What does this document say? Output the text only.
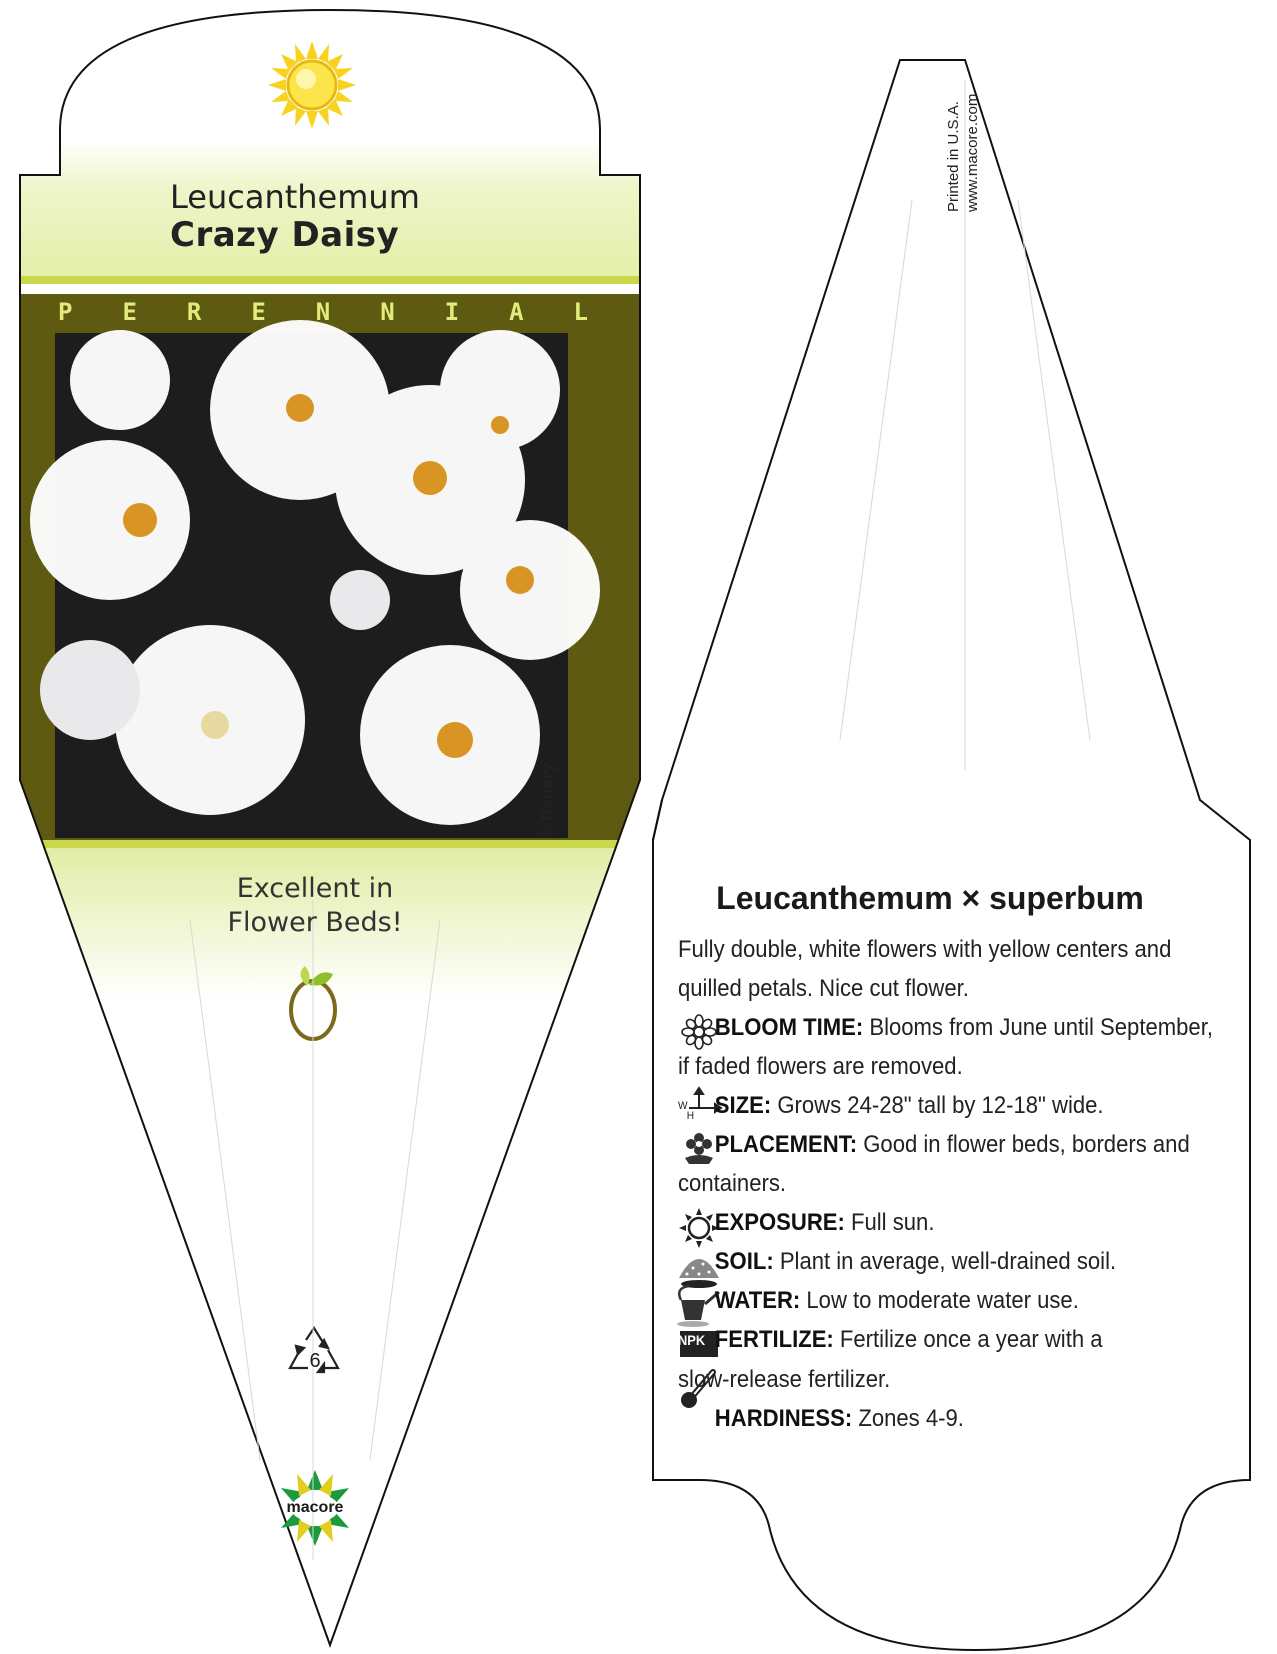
Leucanthemum
Crazy Daisy
P E R E N N I A L
© Benary
Excellent in
Flower Beds!
6
macore
Printed in U.S.A. www.macore.com
Leucanthemum × superbum

Fully double, white flowers with yellow centers and

quilled petals. Nice cut flower.

BLOOM TIME: Blooms from June until September,

if faded flowers are removed.

W H SIZE: Grows 24-28" tall by 12-18" wide.

PLACEMENT: Good in flower beds, borders and

containers.

EXPOSURE: Full sun.

SOIL: Plant in average, well-drained soil.

WATER: Low to moderate water use.

NPK FERTILIZE: Fertilize once a year with a

slow-release fertilizer.

HARDINESS: Zones 4-9.
